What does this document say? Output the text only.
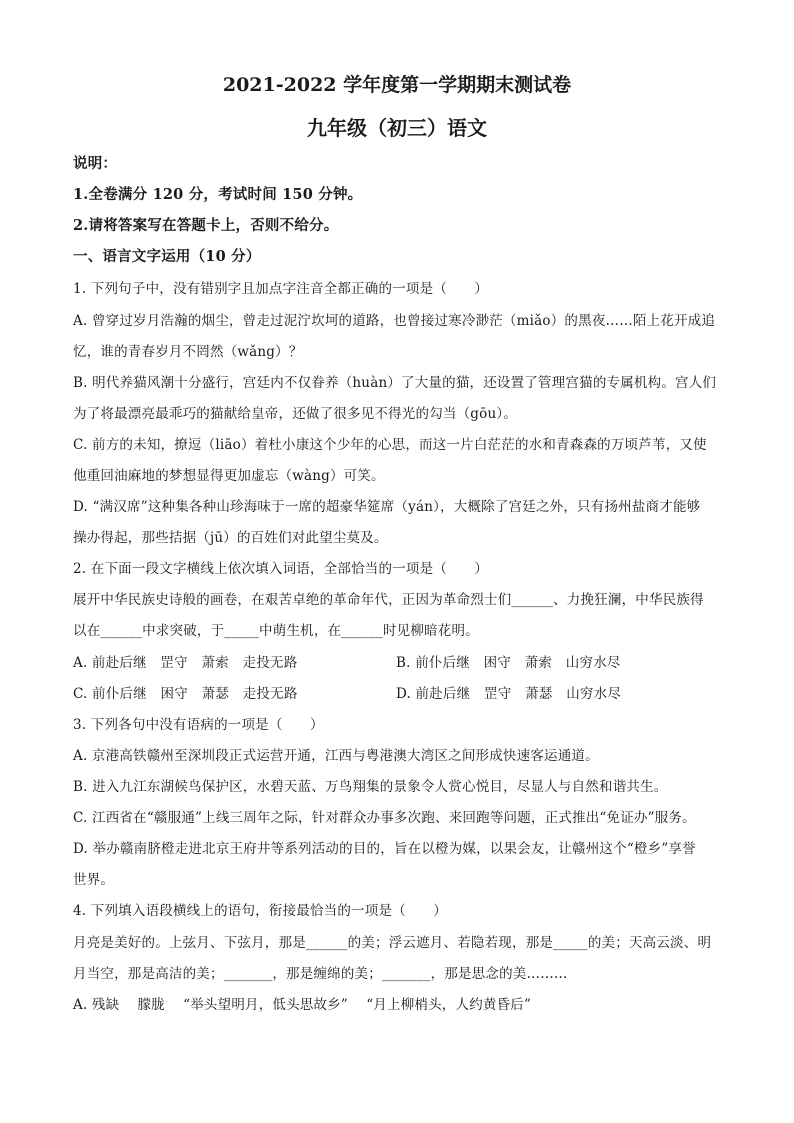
2021-2022 学年度第一学期期末测试卷
九年级（初三）语文
说明：
1.全卷满分 120 分，考试时间 150 分钟。
2.请将答案写在答题卡上，否则不给分。
一、语言文字运用（10 分）
1. 下列句子中，没有错别字且加点字注音全都正确的一项是（　　）
A. 曾穿过岁月浩瀚的烟尘，曾走过泥泞坎坷的道路，也曾接过寒冷渺茫（miǎo）的黑夜……陌上花开成追
忆，谁的青春岁月不罔然（wǎng）？
B. 明代养猫风潮十分盛行，宫廷内不仅眷养（huàn）了大量的猫，还设置了管理宫猫的专属机构。宫人们
为了将最漂亮最乖巧的猫献给皇帝，还做了很多见不得光的勾当（gōu）。
C. 前方的未知，撩逗（liāo）着杜小康这个少年的心思，而这一片白茫茫的水和青森森的万顷芦苇，又使
他重回油麻地的梦想显得更加虚忘（wàng）可笑。
D. “满汉席”这种集各种山珍海味于一席的超豪华筵席（yán），大概除了宫廷之外，只有扬州盐商才能够
操办得起，那些拮据（jū）的百姓们对此望尘莫及。
2. 在下面一段文字横线上依次填入词语，全部恰当的一项是（　　）
展开中华民族史诗般的画卷，在艰苦卓绝的革命年代，正因为革命烈士们______、力挽狂澜，中华民族得
以在______中求突破，于_____中萌生机，在______时见柳暗花明。
A. 前赴后继　罡守　萧索　走投无路	B. 前仆后继　困守　萧索　山穷水尽
C. 前仆后继　困守　萧瑟　走投无路	D. 前赴后继　罡守　萧瑟　山穷水尽
3. 下列各句中没有语病的一项是（　　）
A. 京港高铁赣州至深圳段正式运营开通，江西与粤港澳大湾区之间形成快速客运通道。
B. 进入九江东湖候鸟保护区，水碧天蓝、万鸟翔集的景象令人赏心悦目，尽显人与自然和谐共生。
C. 江西省在“赣服通”上线三周年之际，针对群众办事多次跑、来回跑等问题，正式推出“免证办”服务。
D. 举办赣南脐橙走进北京王府井等系列活动的目的，旨在以橙为媒，以果会友，让赣州这个“橙乡”享誉
世界。
4. 下列填入语段横线上的语句，衔接最恰当的一项是（　　）
月亮是美好的。上弦月、下弦月，那是______的美；浮云遮月、若隐若现，那是_____的美；天高云淡、明
月当空，那是高洁的美；_______，那是缠绵的美；_______，那是思念的美………
A. 残缺　 朦胧　 “举头望明月，低头思故乡”　 “月上柳梢头，人约黄昏后”
